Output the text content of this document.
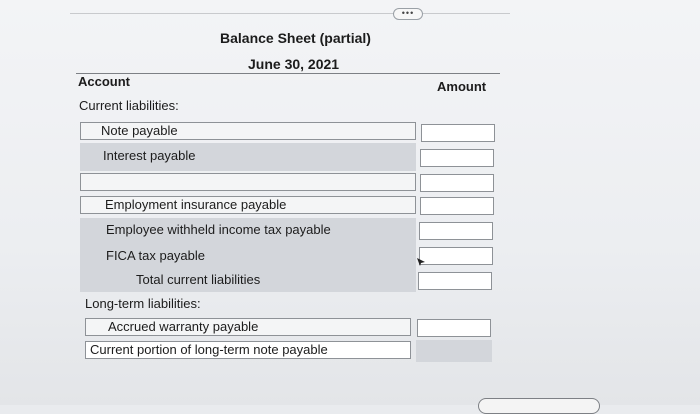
•••
Balance Sheet (partial)
June 30, 2021
Account	Amount
Current liabilities:
Note payable
Interest payable
Employment insurance payable
Employee withheld income tax payable
FICA tax payable
Total current liabilities
Long-term liabilities:
Accrued warranty payable
Current portion of long-term note payable
